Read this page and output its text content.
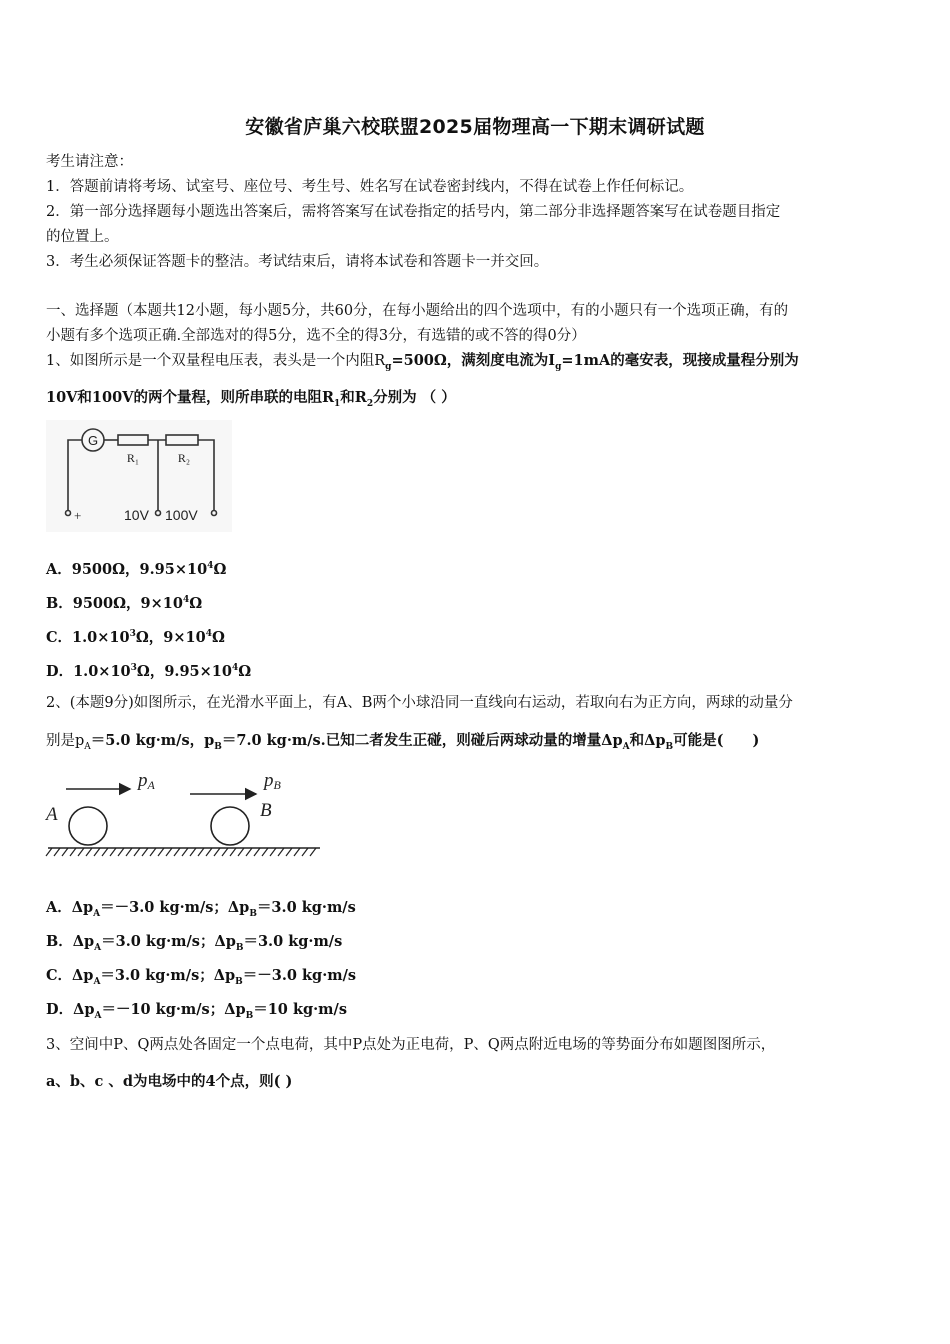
安徽省庐巢六校联盟2025届物理高一下期末调研试题
考生请注意：
1．答题前请将考场、试室号、座位号、考生号、姓名写在试卷密封线内，不得在试卷上作任何标记。
2．第一部分选择题每小题选出答案后，需将答案写在试卷指定的括号内，第二部分非选择题答案写在试卷题目指定
的位置上。
3．考生必须保证答题卡的整洁。考试结束后，请将本试卷和答题卡一并交回。
一、选择题（本题共12小题，每小题5分，共60分，在每小题给出的四个选项中，有的小题只有一个选项正确，有的
小题有多个选项正确.全部选对的得5分，选不全的得3分，有选错的或不答的得0分）
1、如图所示是一个双量程电压表，表头是一个内阻$R_g=500\Omega$，满刻度电流为$I_g=1mA$的毫安表，现接成量程分别为
10V和100V的两个量程，则所串联的电阻$R_1$和$R_2$分别为 （ ）
G
R₁	R₂
+	10V 100V
A．9500Ω，$9.95\times 10^4\Omega$
B．9500Ω，$9\times 10^4\Omega$
C．$1.0\times 10^3\Omega$，$9\times 10^4\Omega$
D．$1.0\times 10^3\Omega$，$9.95\times 10^4\Omega$
2、(本题9分)如图所示，在光滑水平面上，有A、B两个小球沿同一直线向右运动，若取向右为正方向，两球的动量分
别是$p_A=5.0$ kg·m/s，$p_B=7.0$ kg·m/s.已知二者发生正碰，则碰后两球动量的增量$\Delta p_A$和$\Delta p_B$可能是(　　)
A	B
pA	pB
A．$\Delta p_A=-3.0$ kg·m/s；$\Delta p_B=3.0$ kg·m/s
B．$\Delta p_A=3.0$ kg·m/s；$\Delta p_B=3.0$ kg·m/s
C．$\Delta p_A=3.0$ kg·m/s；$\Delta p_B=-3.0$ kg·m/s
D．$\Delta p_A=-10$ kg·m/s；$\Delta p_B=10$ kg·m/s
3、空间中P、Q两点处各固定一个点电荷，其中P点处为正电荷，P、Q两点附近电场的等势面分布如题图图所示，
a、b、c 、d为电场中的4个点，则( )
